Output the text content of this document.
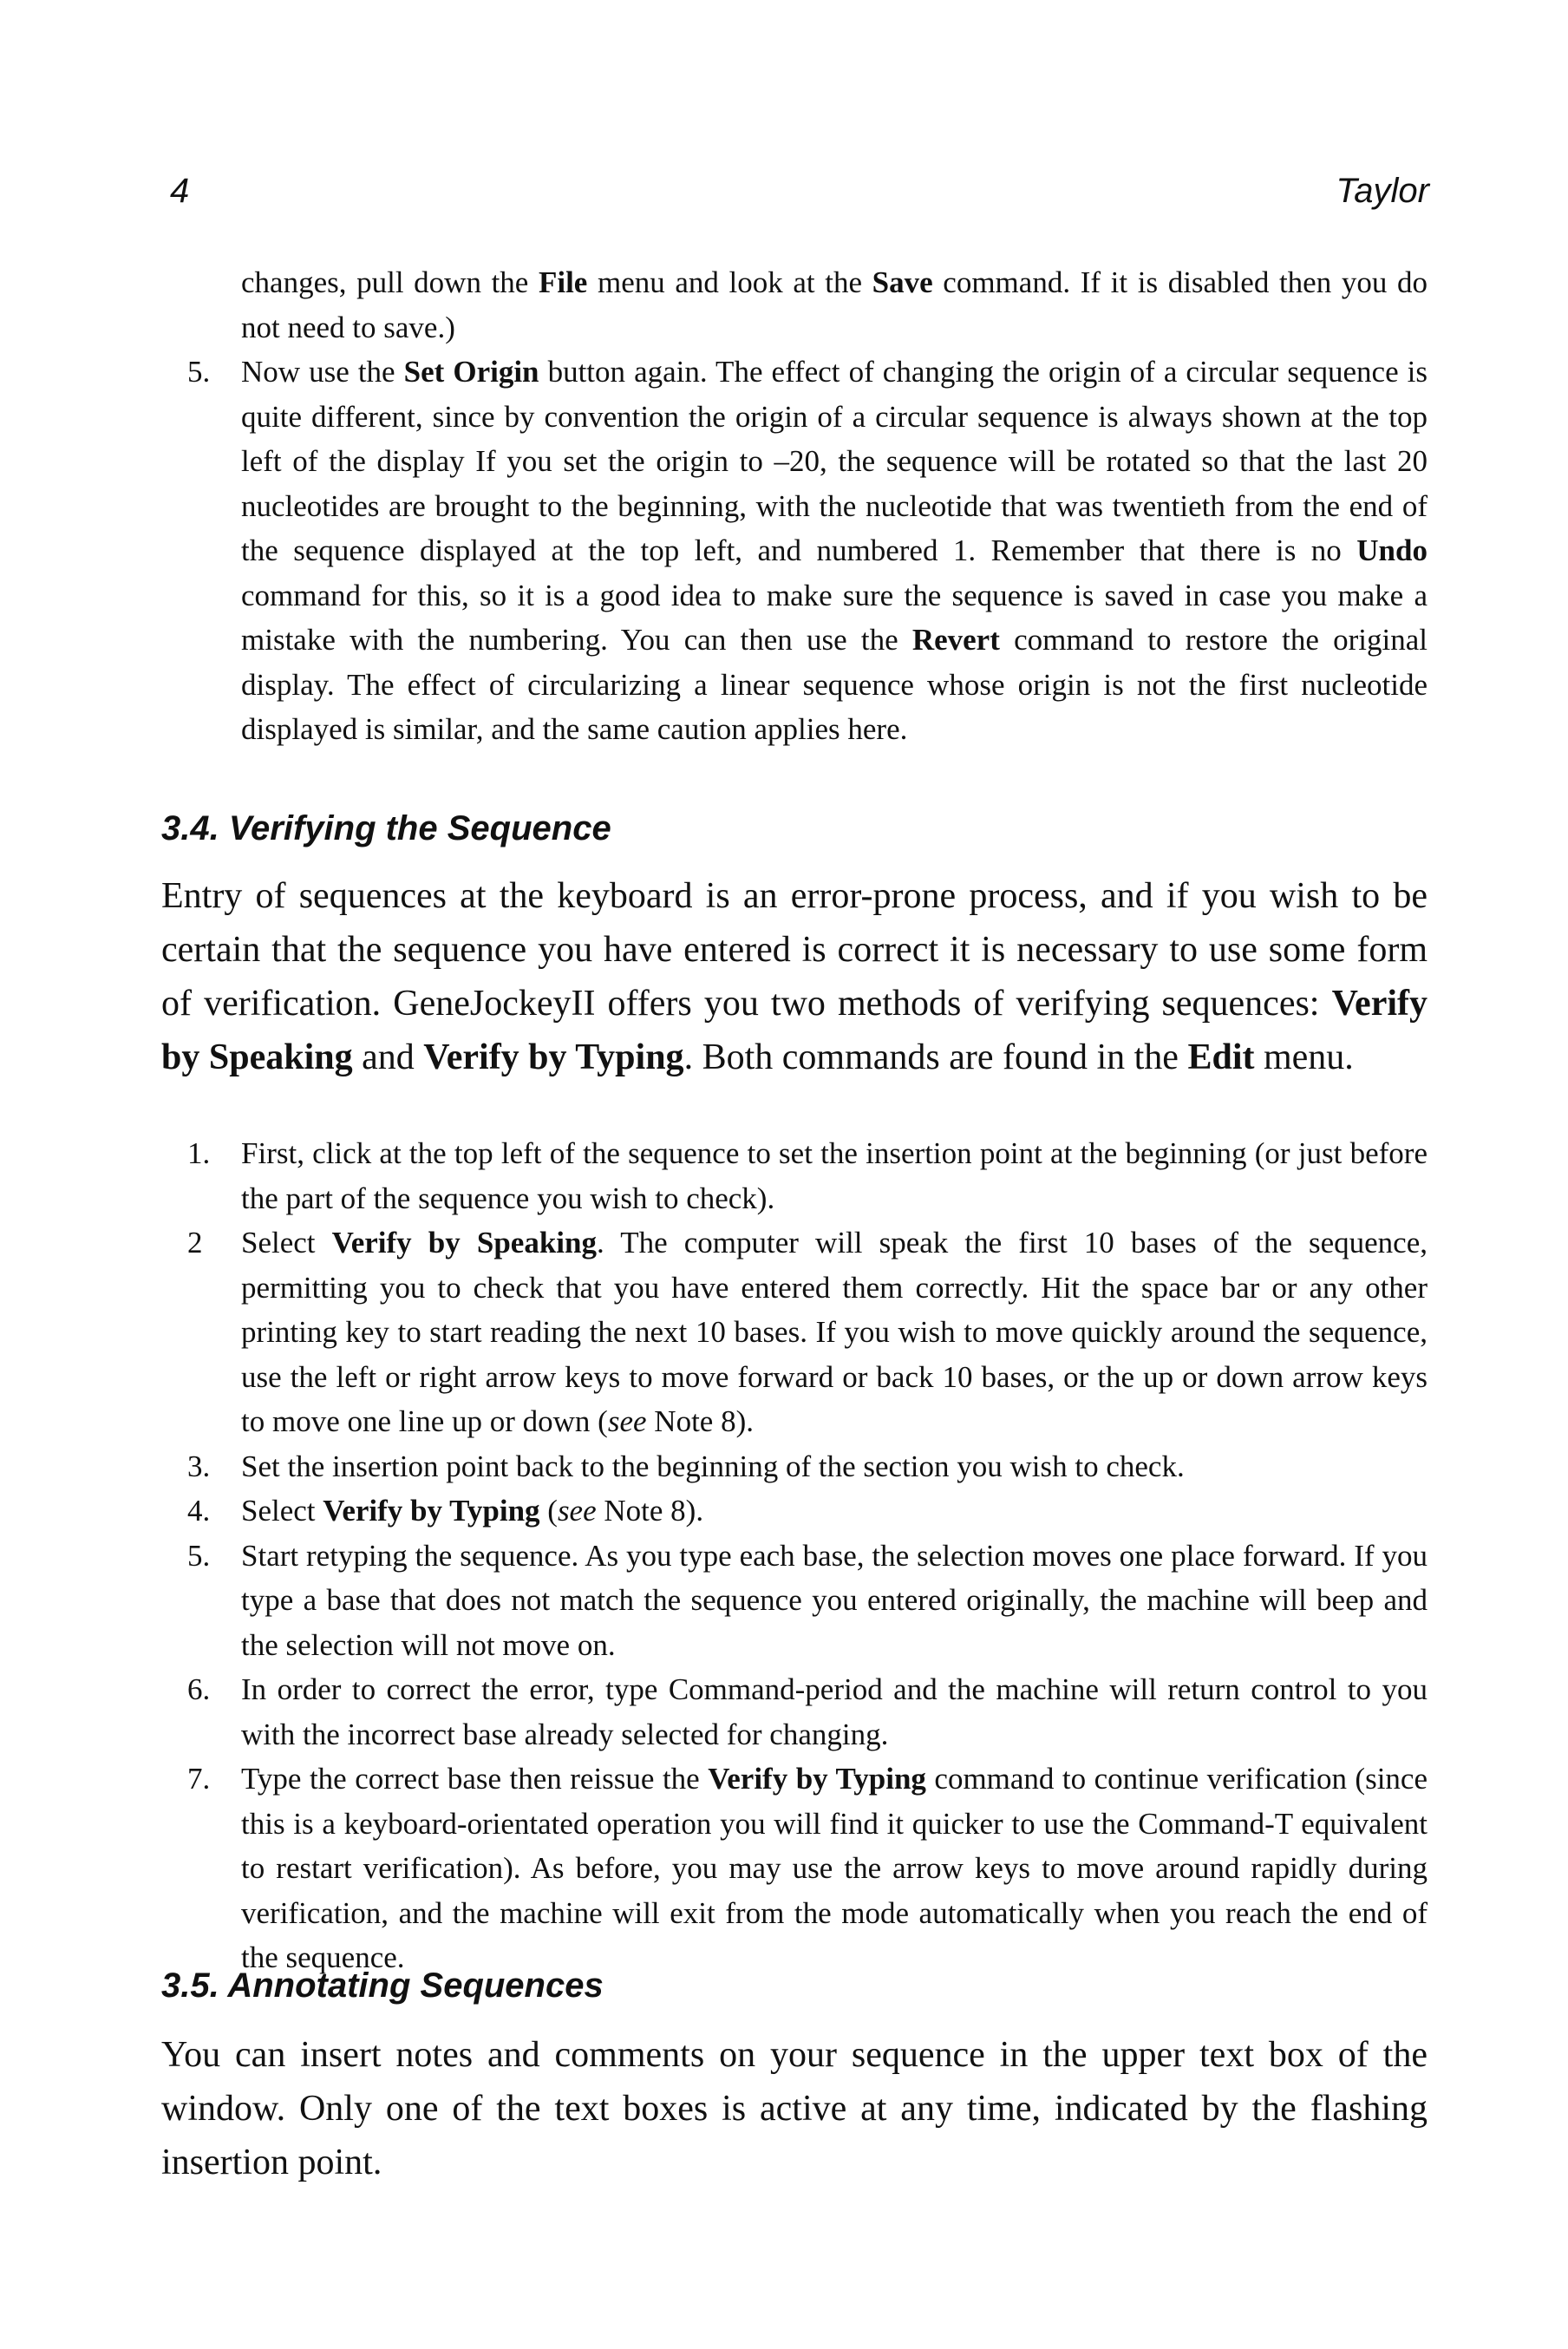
4	Taylor

changes, pull down the File menu and look at the Save command. If it is disabled then you do not need to save.)

5. Now use the Set Origin button again. The effect of changing the origin of a circular sequence is quite different, since by convention the origin of a circular sequence is always shown at the top left of the display If you set the origin to –20, the sequence will be rotated so that the last 20 nucleotides are brought to the beginning, with the nucleotide that was twentieth from the end of the sequence displayed at the top left, and numbered 1. Remember that there is no Undo command for this, so it is a good idea to make sure the sequence is saved in case you make a mistake with the numbering. You can then use the Revert command to restore the original display. The effect of circularizing a linear sequence whose origin is not the first nucleotide displayed is similar, and the same caution applies here.

3.4. Verifying the Sequence

Entry of sequences at the keyboard is an error-prone process, and if you wish to be certain that the sequence you have entered is correct it is necessary to use some form of verification. GeneJockeyII offers you two methods of verifying sequences: Verify by Speaking and Verify by Typing. Both commands are found in the Edit menu.

1. First, click at the top left of the sequence to set the insertion point at the beginning (or just before the part of the sequence you wish to check).

2 Select Verify by Speaking. The computer will speak the first 10 bases of the sequence, permitting you to check that you have entered them correctly. Hit the space bar or any other printing key to start reading the next 10 bases. If you wish to move quickly around the sequence, use the left or right arrow keys to move forward or back 10 bases, or the up or down arrow keys to move one line up or down (see Note 8).

3. Set the insertion point back to the beginning of the section you wish to check.

4. Select Verify by Typing (see Note 8).

5. Start retyping the sequence. As you type each base, the selection moves one place forward. If you type a base that does not match the sequence you entered originally, the machine will beep and the selection will not move on.

6. In order to correct the error, type Command-period and the machine will return control to you with the incorrect base already selected for changing.

7. Type the correct base then reissue the Verify by Typing command to continue verification (since this is a keyboard-orientated operation you will find it quicker to use the Command-T equivalent to restart verification). As before, you may use the arrow keys to move around rapidly during verification, and the machine will exit from the mode automatically when you reach the end of the sequence.

3.5. Annotating Sequences

You can insert notes and comments on your sequence in the upper text box of the window. Only one of the text boxes is active at any time, indicated by the flashing insertion point.
